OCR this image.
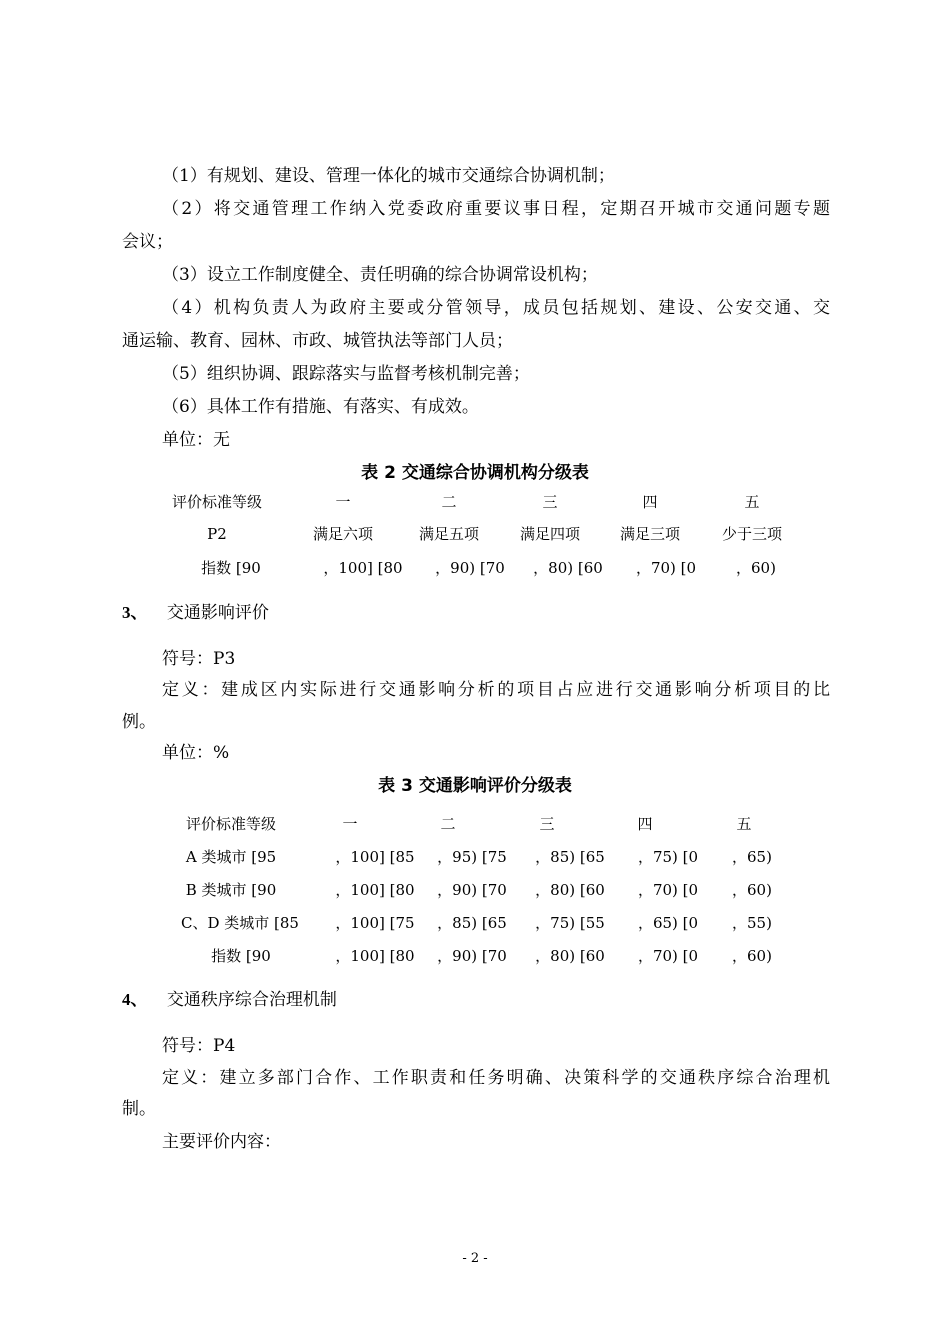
（1）有规划、建设、管理一体化的城市交通综合协调机制；
（2）将交通管理工作纳入党委政府重要议事日程，定期召开城市交通问题专题
会议；
（3）设立工作制度健全、责任明确的综合协调常设机构；
（4）机构负责人为政府主要或分管领导，成员包括规划、建设、公安交通、交
通运输、教育、园林、市政、城管执法等部门人员；
（5）组织协调、跟踪落实与监督考核机制完善；
（6）具体工作有措施、有落实、有成效。
单位：无
表 2 交通综合协调机构分级表
评价标准等级	一	二	三	四	五
P2	满足六项	满足五项	满足四项	满足三项	少于三项
指数 [90	，100] [80	，90) [70	，80) [60	，70) [0	，60)
3、 交通影响评价
符号：P3
定义：建成区内实际进行交通影响分析的项目占应进行交通影响分析项目的比
例。
单位：%
表 3 交通影响评价分级表
评价标准等级	一	二	三	四	五
A 类城市 [95	，100] [85	，95) [75	，85) [65	，75) [0	，65)
B 类城市 [90	，100] [80	，90) [70	，80) [60	，70) [0	，60)
C、D 类城市 [85	，100] [75	，85) [65	，75) [55	，65) [0	，55)
指数 [90	，100] [80	，90) [70	，80) [60	，70) [0	，60)
4、 交通秩序综合治理机制
符号：P4
定义：建立多部门合作、工作职责和任务明确、决策科学的交通秩序综合治理机
制。
主要评价内容：
- 2 -
